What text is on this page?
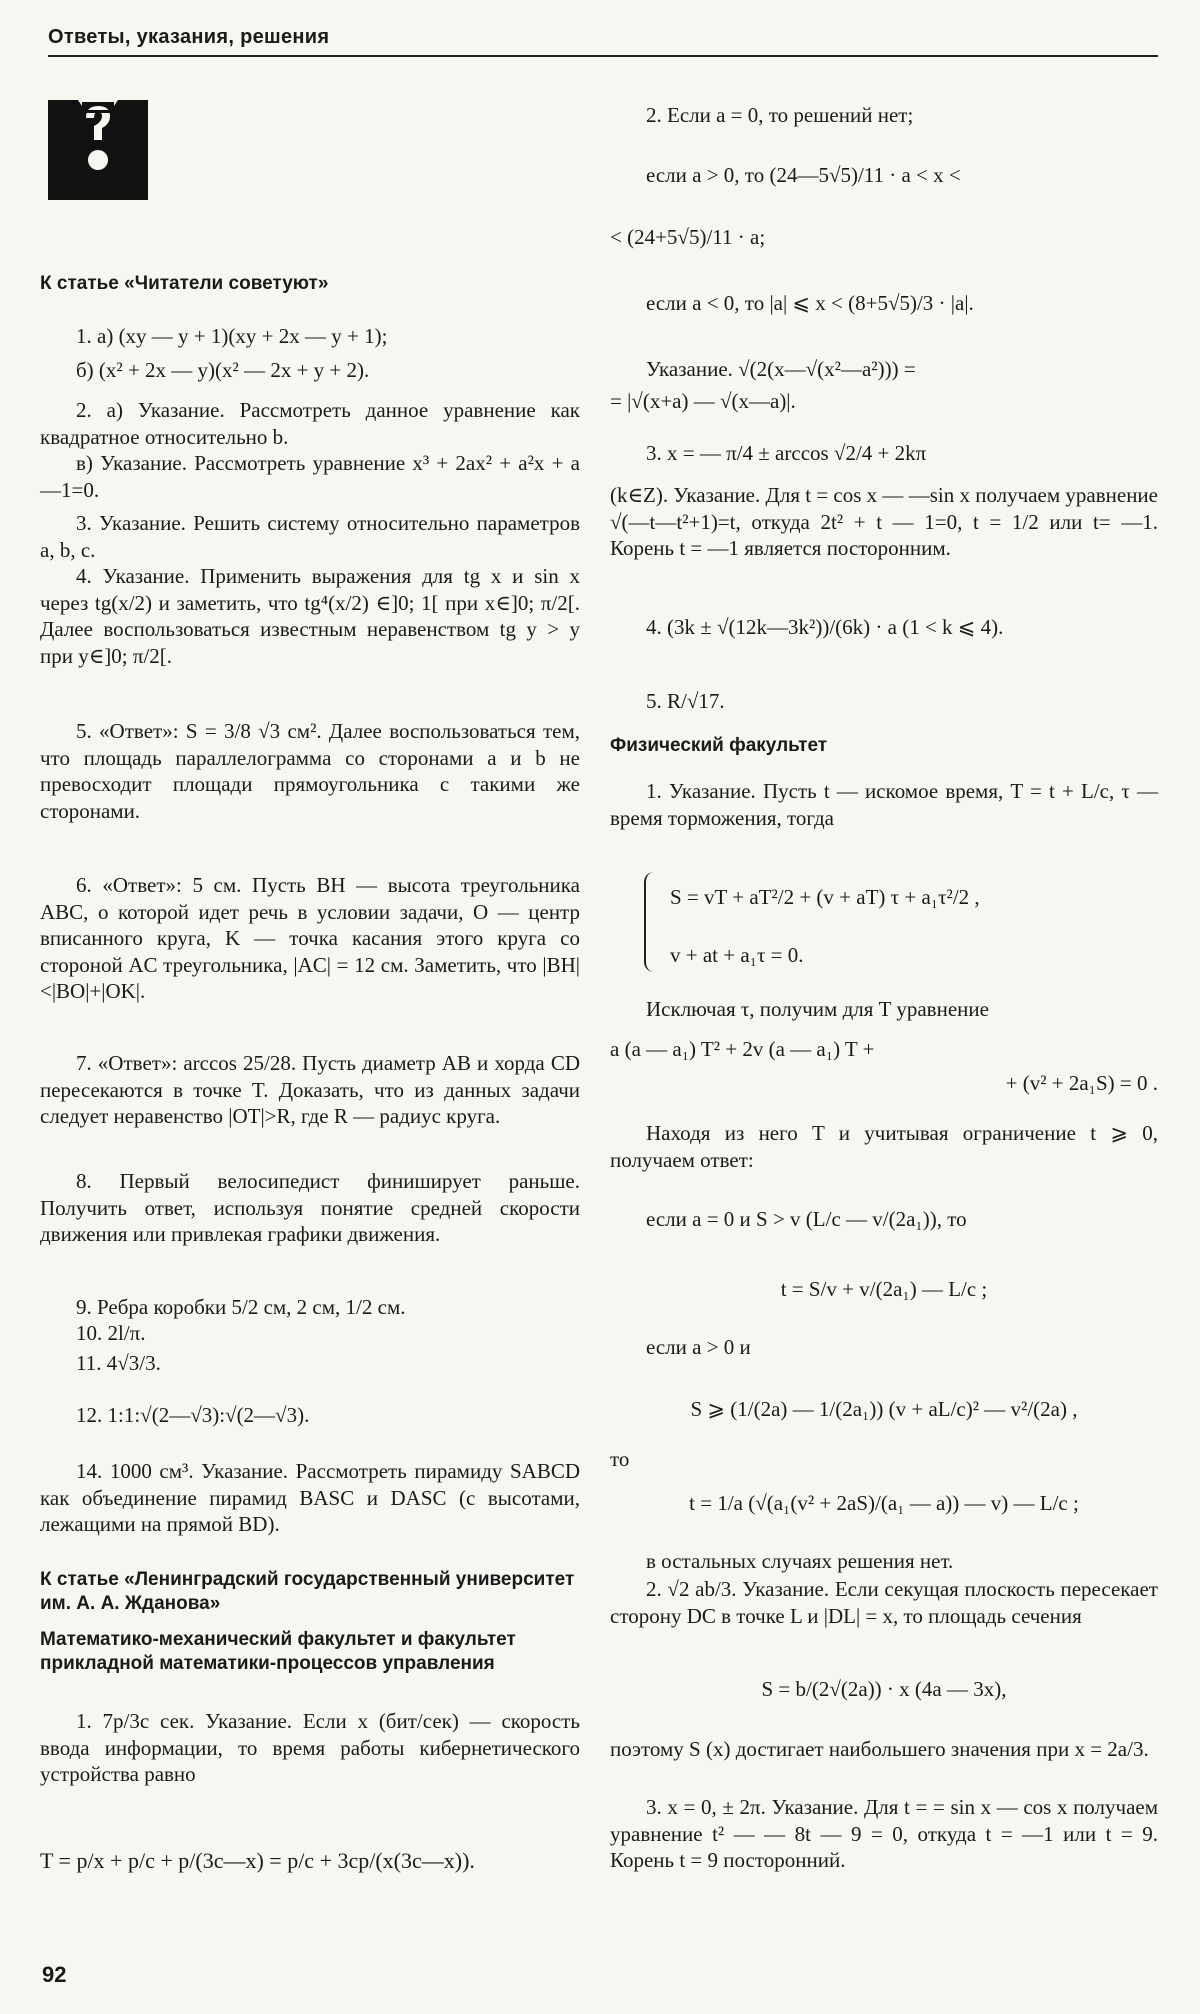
Ответы, указания, решения

К статье «Читатели советуют»

1. а) (xy — y + 1)(xy + 2x — y + 1);

б) (x² + 2x — y)(x² — 2x + y + 2).

2. а) Указание. Рассмотреть данное уравнение как квадратное относительно b.

в) Указание. Рассмотреть уравнение x³ + 2ax² + a²x + a—1=0.

3. Указание. Решить систему относительно параметров a, b, c.

4. Указание. Применить выражения для tg x и sin x через tg(x/2) и заметить, что tg⁴(x/2) ∈]0; 1[ при x∈]0; π/2[. Далее воспользоваться известным неравенством tg y > y при y∈]0; π/2[.

5. «Ответ»: S = 3/8 √3 см². Далее воспользоваться тем, что площадь параллелограмма со сторонами a и b не превосходит площади прямоугольника с такими же сторонами.

6. «Ответ»: 5 см. Пусть BH — высота треугольника ABC, о которой идет речь в условии задачи, O — центр вписанного круга, K — точка касания этого круга со стороной AC треугольника, |AC| = 12 см. Заметить, что |BH|<|BO|+|OK|.

7. «Ответ»: arccos 25/28. Пусть диаметр AB и хорда CD пересекаются в точке T. Доказать, что из данных задачи следует неравенство |OT|>R, где R — радиус круга.

8. Первый велосипедист финиширует раньше. Получить ответ, используя понятие средней скорости движения или привлекая графики движения.

9. Ребра коробки 5/2 см, 2 см, 1/2 см.

10. 2l/π.

11. 4√3/3.

12. 1:1:√(2—√3):√(2—√3).

14. 1000 см³. Указание. Рассмотреть пирамиду SABCD как объединение пирамид BASC и DASC (с высотами, лежащими на прямой BD).

К статье «Ленинградский государственный университет им. А. А. Жданова»

Математико-механический факультет и факультет прикладной математики-процессов управления

1. 7p/3c сек. Указание. Если x (бит/сек) — скорость ввода информации, то время работы кибернетического устройства равно

T = p/x + p/c + p/(3c—x) = p/c + 3cp/(x(3c—x)).

2. Если a = 0, то решений нет;

если a > 0, то (24—5√5)/11 · a < x <

< (24+5√5)/11 · a;

если a < 0, то |a| ⩽ x < (8+5√5)/3 · |a|.

Указание. √(2(x—√(x²—a²))) =

= |√(x+a) — √(x—a)|.

3. x = — π/4 ± arccos √2/4 + 2kπ

(k∈Z). Указание. Для t = cos x — —sin x получаем уравнение √(—t—t²+1)=t, откуда 2t² + t — 1=0, t = 1/2 или t= —1. Корень t = —1 является посторонним.

4. (3k ± √(12k—3k²))/(6k) · a (1 < k ⩽ 4).

5. R/√17.

Физический факультет

1. Указание. Пусть t — искомое время, T = t + L/c, τ — время торможения, тогда

S = vT + aT²/2 + (v + aT) τ + a₁τ²/2 ,

v + at + a₁τ = 0.

Исключая τ, получим для T уравнение

a (a — a₁) T² + 2v (a — a₁) T +

+ (v² + 2a₁S) = 0 .

Находя из него T и учитывая ограничение t ⩾ 0, получаем ответ:

если a = 0 и S > v (L/c — v/(2a₁)), то

t = S/v + v/(2a₁) — L/c ;

если a > 0 и

S ⩾ (1/(2a) — 1/(2a₁)) (v + aL/c)² — v²/(2a) ,

то

t = 1/a (√(a₁(v² + 2aS)/(a₁ — a)) — v) — L/c ;

в остальных случаях решения нет.

2. √2 ab/3. Указание. Если секущая плоскость пересекает сторону DC в точке L и |DL| = x, то площадь сечения

S = b/(2√(2a)) · x (4a — 3x),

поэтому S (x) достигает наибольшего значения при x = 2a/3.

3. x = 0, ± 2π. Указание. Для t = = sin x — cos x получаем уравнение t² — — 8t — 9 = 0, откуда t = —1 или t = 9. Корень t = 9 посторонний.

92
